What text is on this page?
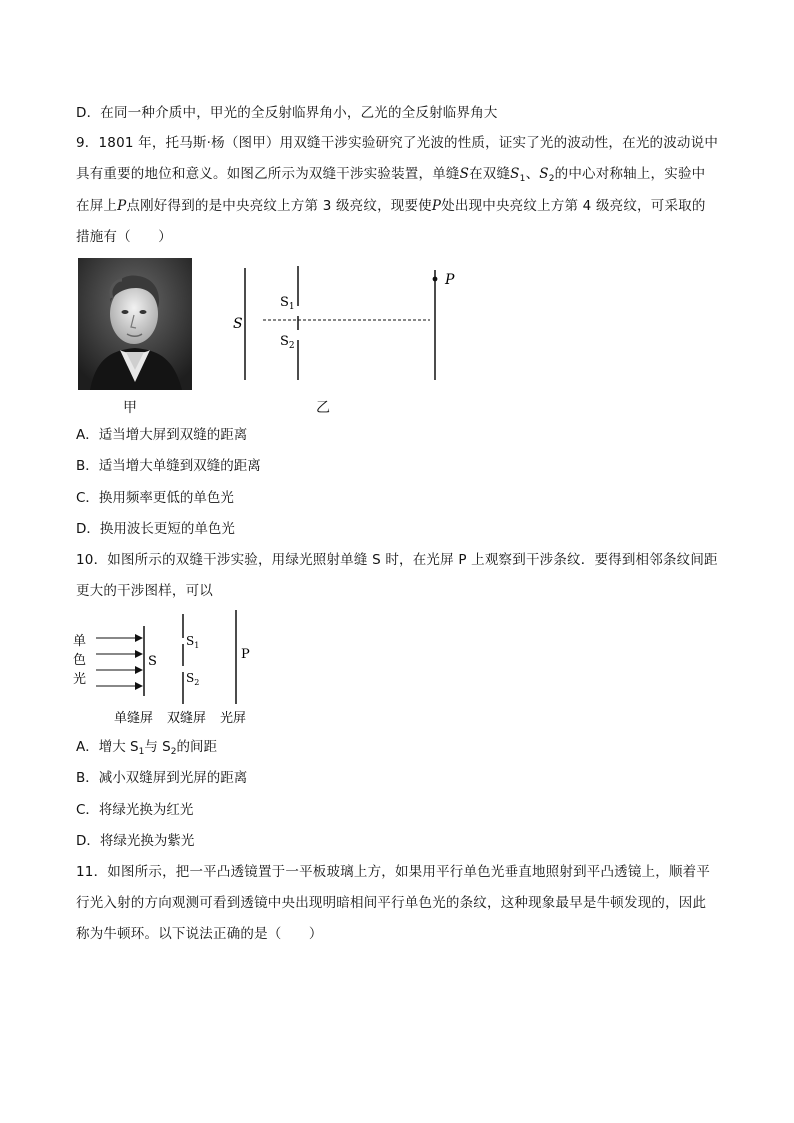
D．在同一种介质中，甲光的全反射临界角小，乙光的全反射临界角大
9．1801 年，托马斯·杨（图甲）用双缝干涉实验研究了光波的性质，证实了光的波动性，在光的波动说中
具有重要的地位和意义。如图乙所示为双缝干涉实验装置，单缝S在双缝$S_1$、$S_2$的中心对称轴上，实验中
在屏上P点刚好得到的是中央亮纹上方第 3 级亮纹，现要使P处出现中央亮纹上方第 4 级亮纹，可采取的
措施有（　　）
甲
S
$S_1$
$S_2$
P
乙
A．适当增大屏到双缝的距离
B．适当增大单缝到双缝的距离
C．换用频率更低的单色光
D．换用波长更短的单色光
10．如图所示的双缝干涉实验，用绿光照射单缝 S 时，在光屏 P 上观察到干涉条纹．要得到相邻条纹间距
更大的干涉图样，可以
单
色
光
S
$S_1$
$S_2$
P
单缝屏 双缝屏 光屏
A．增大 $S_1$与 $S_2$的间距
B．减小双缝屏到光屏的距离
C．将绿光换为红光
D．将绿光换为紫光
11．如图所示，把一平凸透镜置于一平板玻璃上方，如果用平行单色光垂直地照射到平凸透镜上，顺着平
行光入射的方向观测可看到透镜中央出现明暗相间平行单色光的条纹，这种现象最早是牛顿发现的，因此
称为牛顿环。以下说法正确的是（　　）
